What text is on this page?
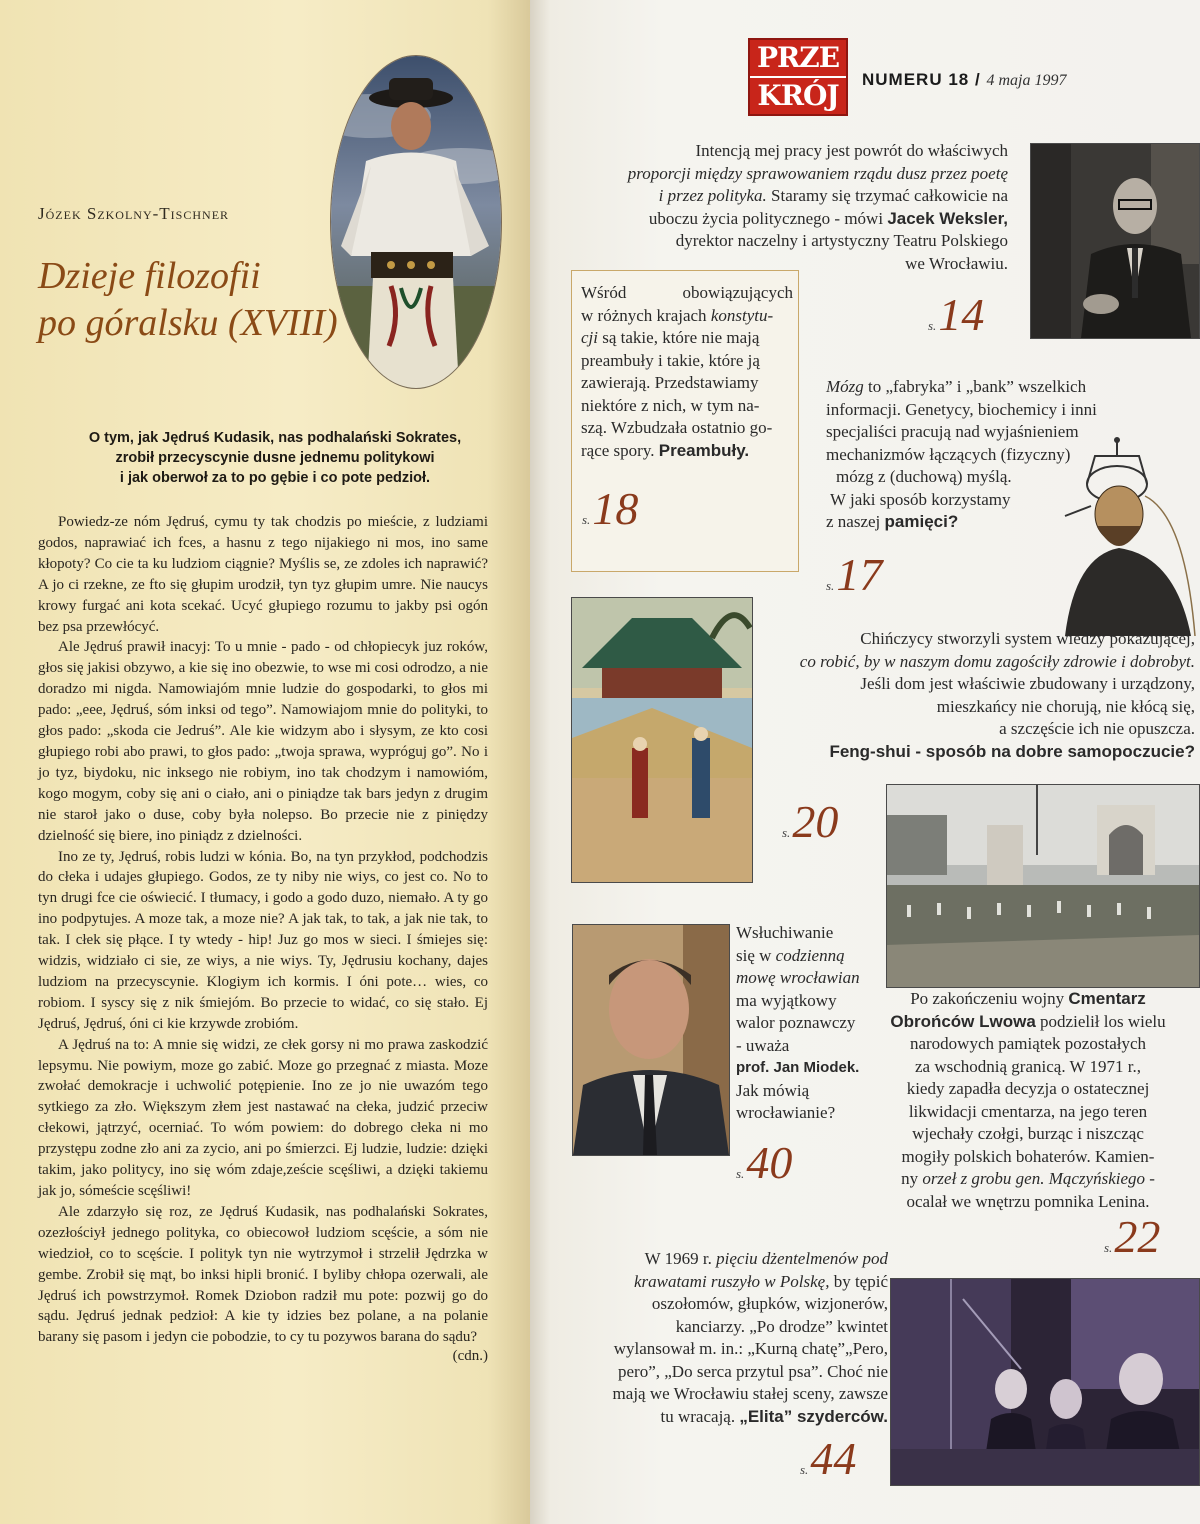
Józek Szkolny-Tischner
Dzieje filozofii
po góralsku (XVIII)
O tym, jak Jędruś Kudasik, nas podhalański Sokrates,
zrobił przecyscynie dusne jednemu politykowi
i jak oberwoł za to po gębie i co pote pedzioł.

Powiedz-ze nóm Jędruś, cymu ty tak chodzis po mieście, z ludziami godos, naprawiać ich fces, a hasnu z tego nijakiego ni mos, ino same kłopoty? Co cie ta ku ludziom ciągnie? Myślis se, ze zdoles ich naprawić? A jo ci rzekne, ze fto się głupim urodził, tyn tyz głupim umre. Nie naucys krowy furgać ani kota scekać. Ucyć głupiego rozumu to jakby psi ogón bez psa przewłócyć.

Ale Jędruś prawił inacyj: To u mnie - pado - od chłopiecyk juz roków, głos się jakisi obzywo, a kie się ino obezwie, to wse mi cosi odrodzo, a nie doradzo mi nigda. Namowiajóm mnie ludzie do gospodarki, to głos mi pado: „eee, Jędruś, sóm inksi od tego”. Namowiajom mnie do polityki, to głos pado: „skoda cie Jedruś”. Ale kie widzym abo i słysym, ze kto cosi głupiego robi abo prawi, to głos pado: „twoja sprawa, wypróguj go”. No i jo tyz, biydoku, nic inksego nie robiym, ino tak chodzym i namowióm, kogo mogym, coby się ani o ciało, ani o piniądze tak bars jedyn z drugim nie staroł jako o duse, coby była nolepso. Bo przecie nie z piniędzy dzielność się biere, ino piniądz z dzielności.

Ino ze ty, Jędruś, robis ludzi w kónia. Bo, na tyn przykłod, podchodzis do cłeka i udajes głupiego. Godos, ze ty niby nie wiys, co jest co. No to tyn drugi fce cie oświecić. I tłumacy, i godo a godo duzo, niemało. A ty go ino podpytujes. A moze tak, a moze nie? A jak tak, to tak, a jak nie tak, to tak. I cłek się płące. I ty wtedy - hip! Juz go mos w sieci. I śmiejes się: widzis, widziało ci sie, ze wiys, a nie wiys. Ty, Jędrusiu kochany, dajes ludziom na przecyscynie. Klogiym ich kormis. I óni pote… wies, co robiom. I syscy się z nik śmiejóm. Bo przecie to widać, co się stało. Ej Jędruś, Jędruś, óni ci kie krzywde zrobióm.

A Jędruś na to: A mnie się widzi, ze cłek gorsy ni mo prawa zaskodzić lepsymu. Nie powiym, moze go zabić. Moze go przegnać z miasta. Moze zwołać demokracje i uchwolić potępienie. Ino ze jo nie uwazóm tego sytkiego za zło. Większym złem jest nastawać na cłeka, judzić przeciw cłekowi, jątrzyć, ocerniać. To wóm powiem: do dobrego cłeka ni mo przystępu zodne zło ani za zycio, ani po śmierzci. Ej ludzie, ludzie: dzięki takim, jako politycy, ino się wóm zdaje,zeście scęśliwi, a dzięki takiemu jak jo, sómeście scęśliwi!

Ale zdarzyło się roz, ze Jędruś Kudasik, nas podhalański Sokrates, ozezłościył jednego polityka, co obiecowoł ludziom scęście, a sóm nie wiedzioł, co to scęście. I polityk tyn nie wytrzymoł i strzelił Jędrzka w gembe. Zrobił się mąt, bo inksi hipli bronić. I byliby chłopa ozerwali, ale Jędruś ich powstrzymoł. Romek Dziobon radził mu pote: pozwij go do sądu. Jędruś jednak pedzioł: A kie ty idzies bez polane, a na polanie barany się pasom i jedyn cie pobodzie, to cy tu pozywos barana do sądu?

(cdn.)
PRZE
KRÓJ	NUMERU 18 / 4 maja 1997
Intencją mej pracy jest powrót do właściwych
proporcji między sprawowaniem rządu dusz przez poetę
i przez polityka. Staramy się trzymać całkowicie na
uboczu życia politycznego - mówi Jacek Weksler,
dyrektor naczelny i artystyczny Teatru Polskiego
we Wrocławiu.
s.14
Wśród obowiązujących
w różnych krajach konstytu-
cji są takie, które nie mają
preambuły i takie, które ją
zawierają. Przedstawiamy
niektóre z nich, w tym na-
szą. Wzbudzała ostatnio go-
rące spory. Preambuły.
s.18
Mózg to „fabryka” i „bank” wszelkich
informacji. Genetycy, biochemicy i inni
specjaliści pracują nad wyjaśnieniem
mechanizmów łączących (fizyczny)
mózg z (duchową) myślą.
W jaki sposób korzystamy
z naszej pamięci?
s.17
Chińczycy stworzyli system wiedzy pokazującej,
co robić, by w naszym domu zagościły zdrowie i dobrobyt.
Jeśli dom jest właściwie zbudowany i urządzony,
mieszkańcy nie chorują, nie kłócą się,
a szczęście ich nie opuszcza.
Feng-shui - sposób na dobre samopoczucie?
s.20
Wsłuchiwanie
się w codzienną
mowę wrocławian
ma wyjątkowy
walor poznawczy
- uważa
prof. Jan Miodek.
Jak mówią
wrocławianie?
s.40
Po zakończeniu wojny Cmentarz
Obrońców Lwowa podzielił los wielu
narodowych pamiątek pozostałych
za wschodnią granicą. W 1971 r.,
kiedy zapadła decyzja o ostatecznej
likwidacji cmentarza, na jego teren
wjechały czołgi, burząc i niszcząc
mogiły polskich bohaterów. Kamien-
ny orzeł z grobu gen. Mączyńskiego -
ocalał we wnętrzu pomnika Lenina.
s.22
W 1969 r. pięciu dżentelmenów pod
krawatami ruszyło w Polskę, by tępić
oszołomów, głupków, wizjonerów,
kanciarzy. „Po drodze” kwintet
wylansował m. in.: „Kurną chatę”„Pero,
pero”, „Do serca przytul psa”. Choć nie
mają we Wrocławiu stałej sceny, zawsze
tu wracają. „Elita” szyderców.
s.44
